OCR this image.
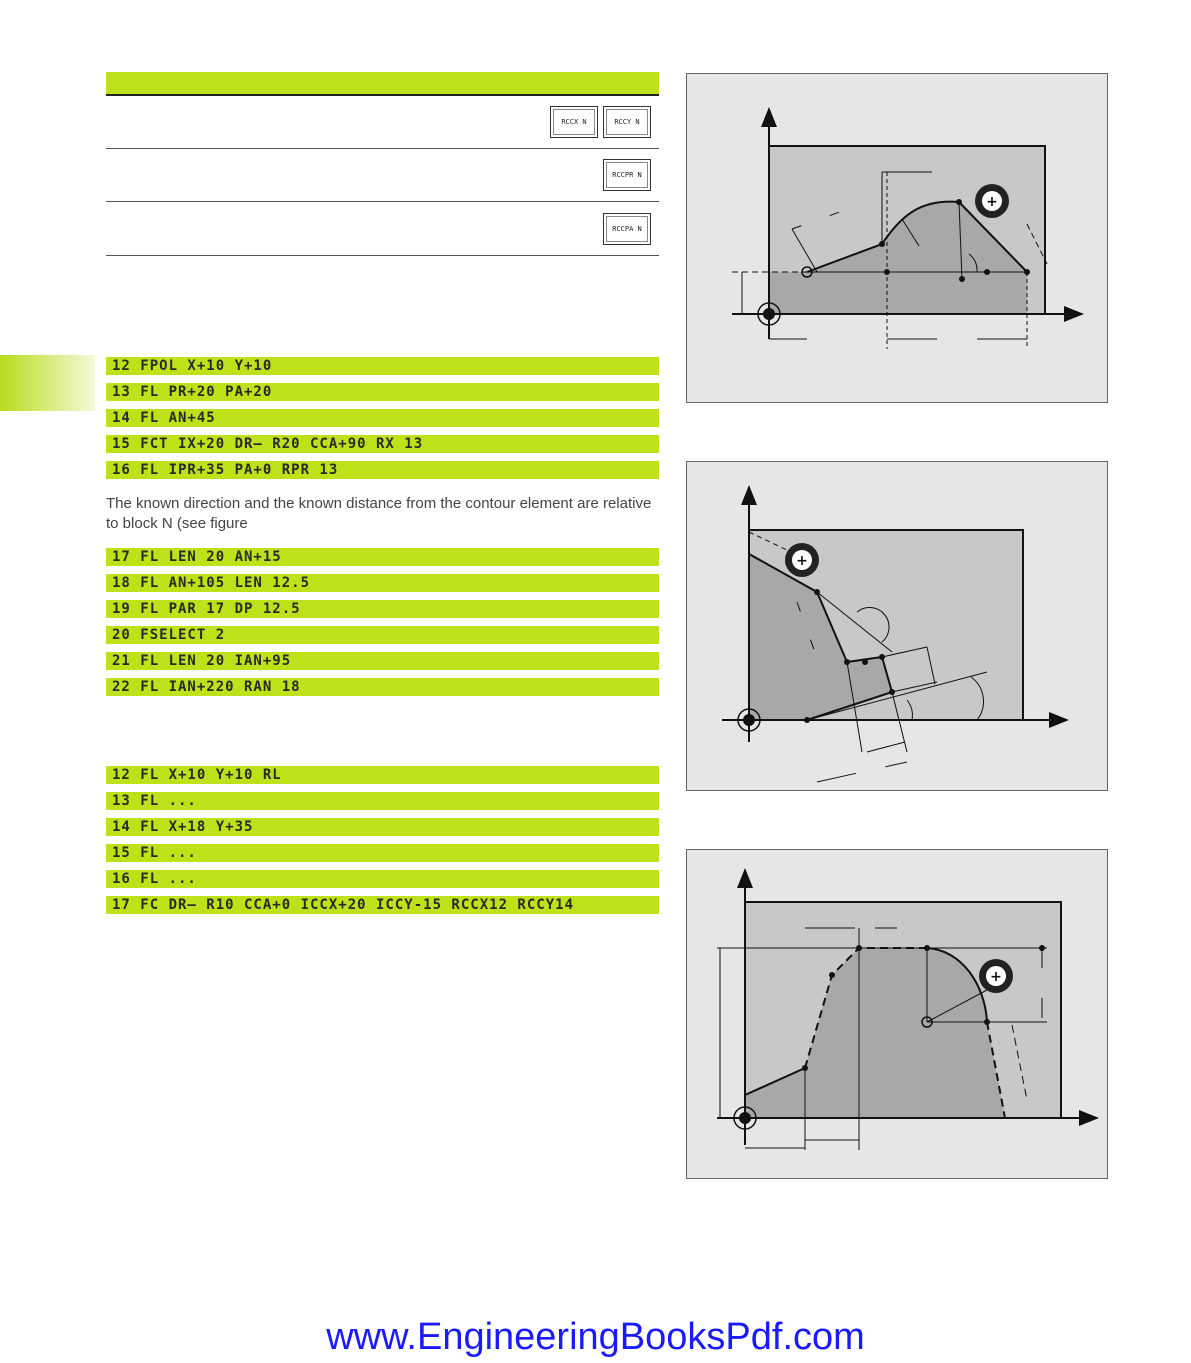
RCCX N	RCCY N
RCCPR N
RCCPA N
12 FPOL X+10 Y+10
13 FL PR+20 PA+20
14 FL AN+45
15 FCT IX+20 DR– R20 CCA+90 RX 13
16 FL IPR+35 PA+0 RPR 13
The known direction and the known distance from the contour element are relative to block N (see figure
17 FL LEN 20 AN+15
18 FL AN+105 LEN 12.5
19 FL PAR 17 DP 12.5
20 FSELECT 2
21 FL LEN 20 IAN+95
22 FL IAN+220 RAN 18
12 FL X+10 Y+10 RL
13 FL ...
14 FL X+18 Y+35
15 FL ...
16 FL ...
17 FC DR– R10 CCA+0 ICCX+20 ICCY-15 RCCX12 RCCY14
+
+
+
www.EngineeringBooksPdf.com
